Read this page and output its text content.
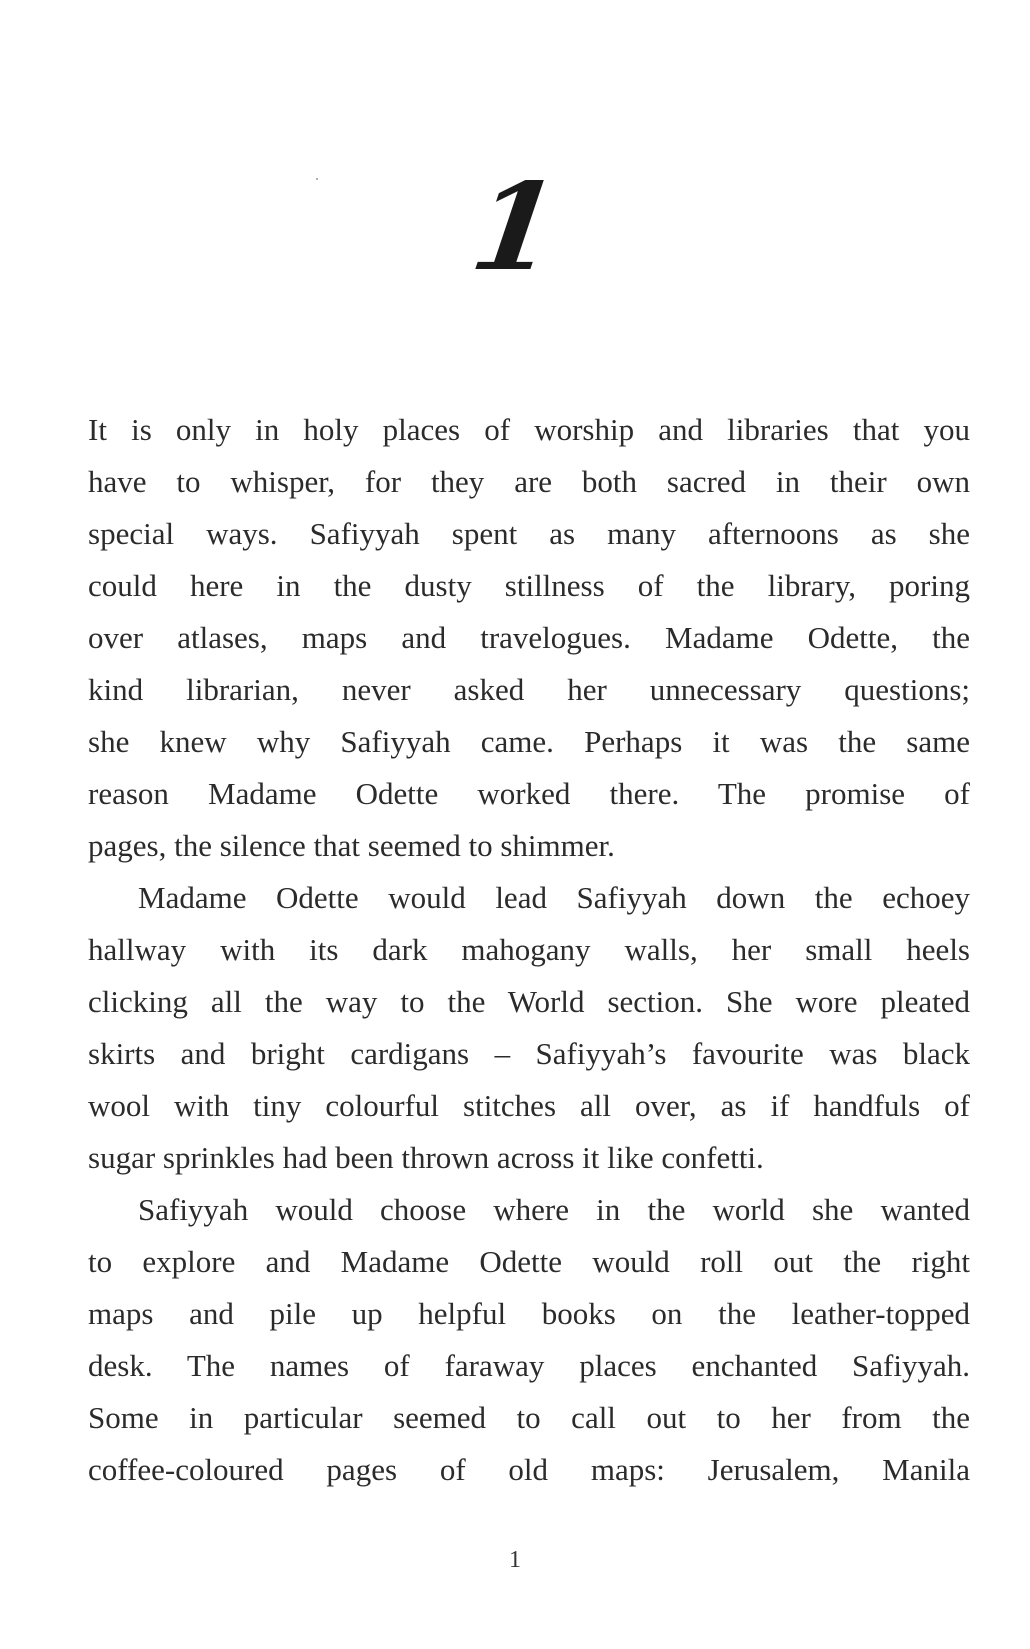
1
It is only in holy places of worship and libraries that you
have to whisper, for they are both sacred in their own
special ways. Safiyyah spent as many afternoons as she
could here in the dusty stillness of the library, poring
over atlases, maps and travelogues. Madame Odette, the
kind librarian, never asked her unnecessary questions;
she knew why Safiyyah came. Perhaps it was the same
reason Madame Odette worked there. The promise of
pages, the silence that seemed to shimmer.
Madame Odette would lead Safiyyah down the echoey
hallway with its dark mahogany walls, her small heels
clicking all the way to the World section. She wore pleated
skirts and bright cardigans – Safiyyah’s favourite was black
wool with tiny colourful stitches all over, as if handfuls of
sugar sprinkles had been thrown across it like confetti.
Safiyyah would choose where in the world she wanted
to explore and Madame Odette would roll out the right
maps and pile up helpful books on the leather-topped
desk. The names of faraway places enchanted Safiyyah.
Some in particular seemed to call out to her from the
coffee-coloured pages of old maps: Jerusalem, Manila
1
